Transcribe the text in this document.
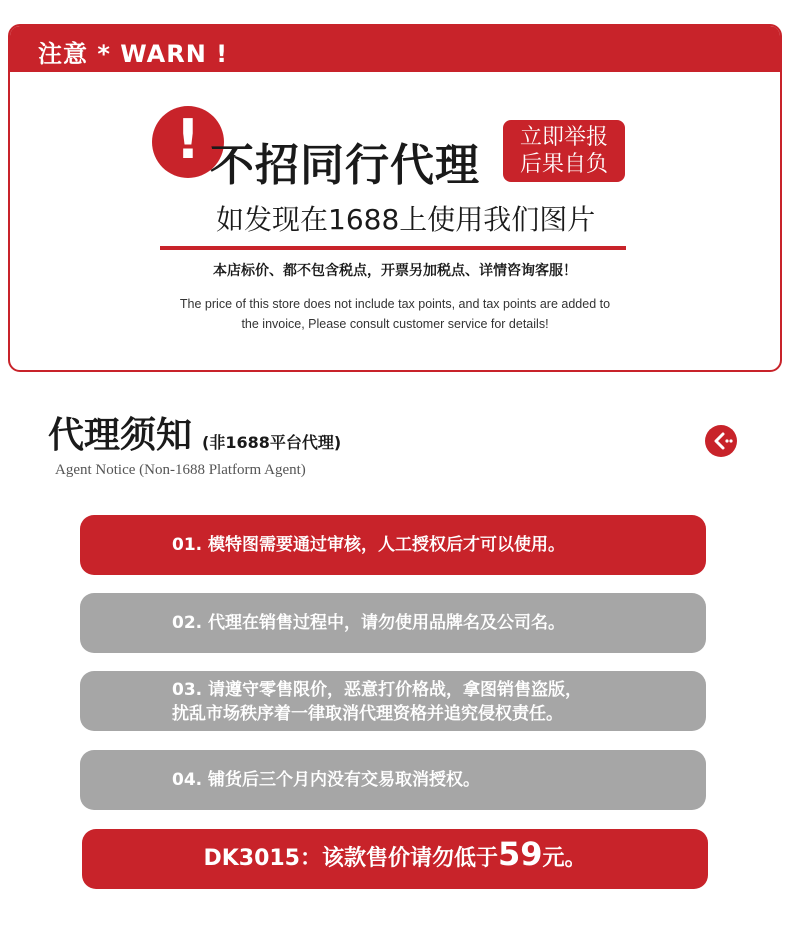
注意 * WARN !
! 不招同行代理
立即举报
后果自负
如发现在1688上使用我们图片
本店标价、都不包含税点，开票另加税点、详情咨询客服！
The price of this store does not include tax points, and tax points are added to
the invoice, Please consult customer service for details!
代理须知 (非1688平台代理)
Agent Notice (Non-1688 Platform Agent)
01. 模特图需要通过审核，人工授权后才可以使用。
02. 代理在销售过程中，请勿使用品牌名及公司名。
03. 请遵守零售限价，恶意打价格战，拿图销售盗版，
扰乱市场秩序着一律取消代理资格并追究侵权责任。
04. 铺货后三个月内没有交易取消授权。
DK3015：该款售价请勿低于59元。
